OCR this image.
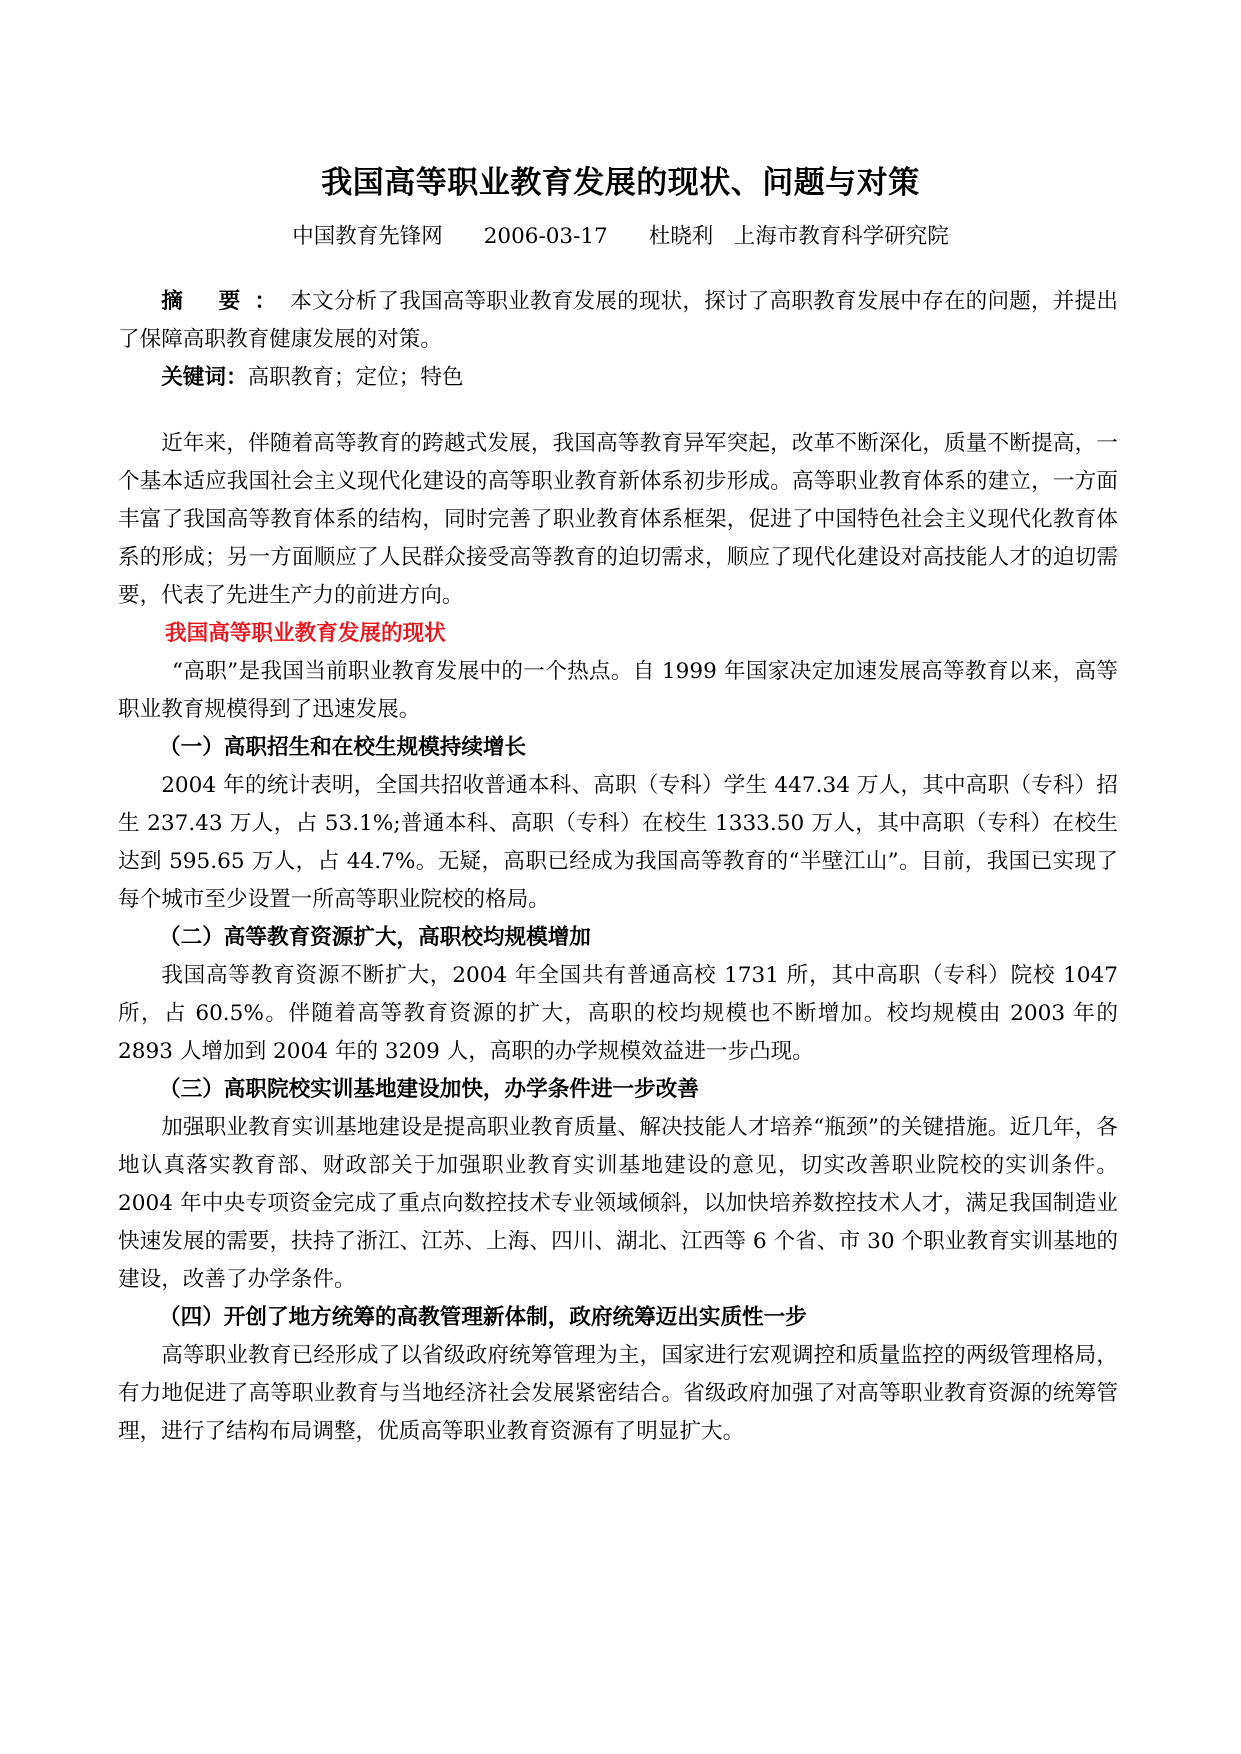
我国高等职业教育发展的现状、问题与对策
中国教育先锋网 2006-03-17 杜晓利 上海市教育科学研究院

摘 要：本文分析了我国高等职业教育发展的现状，探讨了高职教育发展中存在的问题，并提出了保障高职教育健康发展的对策。

关键词：高职教育；定位；特色

近年来，伴随着高等教育的跨越式发展，我国高等教育异军突起，改革不断深化，质量不断提高，一个基本适应我国社会主义现代化建设的高等职业教育新体系初步形成。高等职业教育体系的建立，一方面丰富了我国高等教育体系的结构，同时完善了职业教育体系框架，促进了中国特色社会主义现代化教育体系的形成；另一方面顺应了人民群众接受高等教育的迫切需求，顺应了现代化建设对高技能人才的迫切需要，代表了先进生产力的前进方向。

我国高等职业教育发展的现状

“高职”是我国当前职业教育发展中的一个热点。自 1999 年国家决定加速发展高等教育以来，高等职业教育规模得到了迅速发展。

（一）高职招生和在校生规模持续增长

2004 年的统计表明，全国共招收普通本科、高职（专科）学生 447.34 万人，其中高职（专科）招生 237.43 万人，占 53.1%;普通本科、高职（专科）在校生 1333.50 万人，其中高职（专科）在校生达到 595.65 万人，占 44.7%。无疑，高职已经成为我国高等教育的“半壁江山”。目前，我国已实现了每个城市至少设置一所高等职业院校的格局。

（二）高等教育资源扩大，高职校均规模增加

我国高等教育资源不断扩大，2004 年全国共有普通高校 1731 所，其中高职（专科）院校 1047 所，占 60.5%。伴随着高等教育资源的扩大，高职的校均规模也不断增加。校均规模由 2003 年的 2893 人增加到 2004 年的 3209 人，高职的办学规模效益进一步凸现。

（三）高职院校实训基地建设加快，办学条件进一步改善

加强职业教育实训基地建设是提高职业教育质量、解决技能人才培养“瓶颈”的关键措施。近几年，各地认真落实教育部、财政部关于加强职业教育实训基地建设的意见，切实改善职业院校的实训条件。2004 年中央专项资金完成了重点向数控技术专业领域倾斜，以加快培养数控技术人才，满足我国制造业快速发展的需要，扶持了浙江、江苏、上海、四川、湖北、江西等 6 个省、市 30 个职业教育实训基地的建设，改善了办学条件。

（四）开创了地方统筹的高教管理新体制，政府统筹迈出实质性一步

高等职业教育已经形成了以省级政府统筹管理为主，国家进行宏观调控和质量监控的两级管理格局，有力地促进了高等职业教育与当地经济社会发展紧密结合。省级政府加强了对高等职业教育资源的统筹管理，进行了结构布局调整，优质高等职业教育资源有了明显扩大。
